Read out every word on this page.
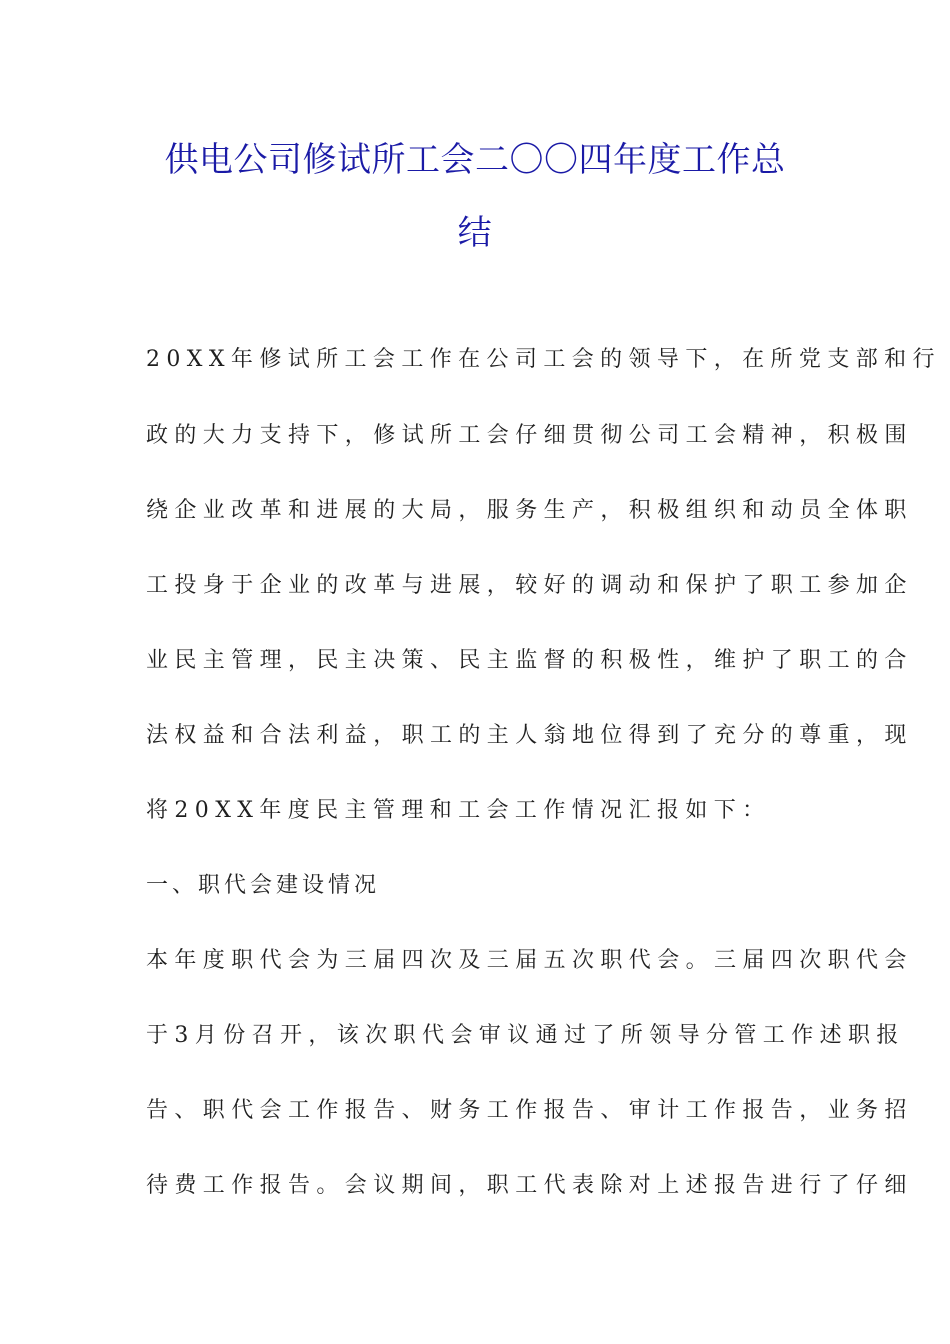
供电公司修试所工会二〇〇四年度工作总
结
20XX年修试所工会工作在公司工会的领导下，在所党支部和行
政的大力支持下，修试所工会仔细贯彻公司工会精神，积极围
绕企业改革和进展的大局，服务生产，积极组织和动员全体职
工投身于企业的改革与进展，较好的调动和保护了职工参加企
业民主管理，民主决策、民主监督的积极性，维护了职工的合
法权益和合法利益，职工的主人翁地位得到了充分的尊重，现
将20XX年度民主管理和工会工作情况汇报如下：
一、职代会建设情况
本年度职代会为三届四次及三届五次职代会。三届四次职代会
于3月份召开，该次职代会审议通过了所领导分管工作述职报
告、职代会工作报告、财务工作报告、审计工作报告，业务招
待费工作报告。会议期间，职工代表除对上述报告进行了仔细
